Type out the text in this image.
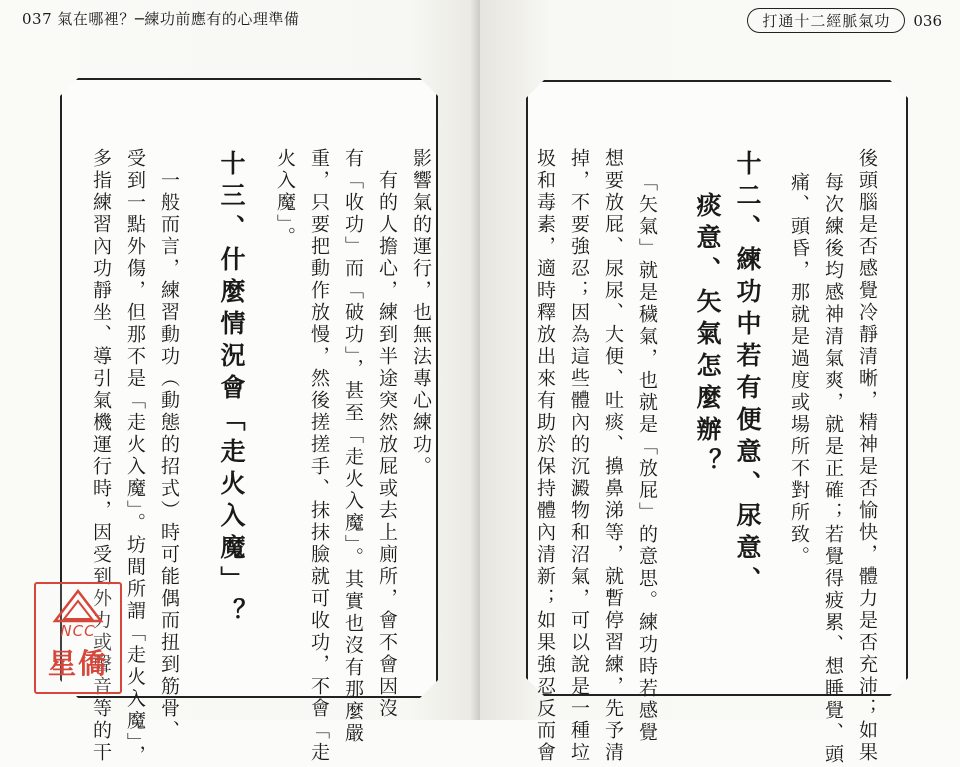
037 氣在哪裡？─練功前應有的心理準備
影響氣的運行，也無法專心練功。
　有的人擔心，練到半途突然放屁或去上廁所，會不會因沒
有「收功」而「破功」，甚至「走火入魔」。其實也沒有那麼嚴
重，只要把動作放慢，然後搓搓手、抹抹臉就可收功，不會「走
火入魔」。
十三、什麼情況會「走火入魔」？
　一般而言，練習動功（動態的招式）時可能偶而扭到筋骨、
受到一點外傷，但那不是「走火入魔」。坊間所謂「走火入魔」，
多指練習內功靜坐、導引氣機運行時，因受到外力或聲音等的干
打通十二經脈氣功	036
後頭腦是否感覺冷靜清晰，精神是否愉快，體力是否充沛；如果
每次練後均感神清氣爽，就是正確；若覺得疲累、想睡覺、頭
痛、頭昏，那就是過度或場所不對所致。
十二、練功中若有便意、尿意、
痰意、矢氣怎麼辦？
「矢氣」就是穢氣，也就是「放屁」的意思。練功時若感覺
想要放屁、尿尿、大便、吐痰、擤鼻涕等，就暫停習練，先予清
掉，不要強忍；因為這些體內的沉澱物和沼氣，可以說是一種垃
圾和毒素，適時釋放出來有助於保持體內清新；如果強忍反而會
NCC
星僑
